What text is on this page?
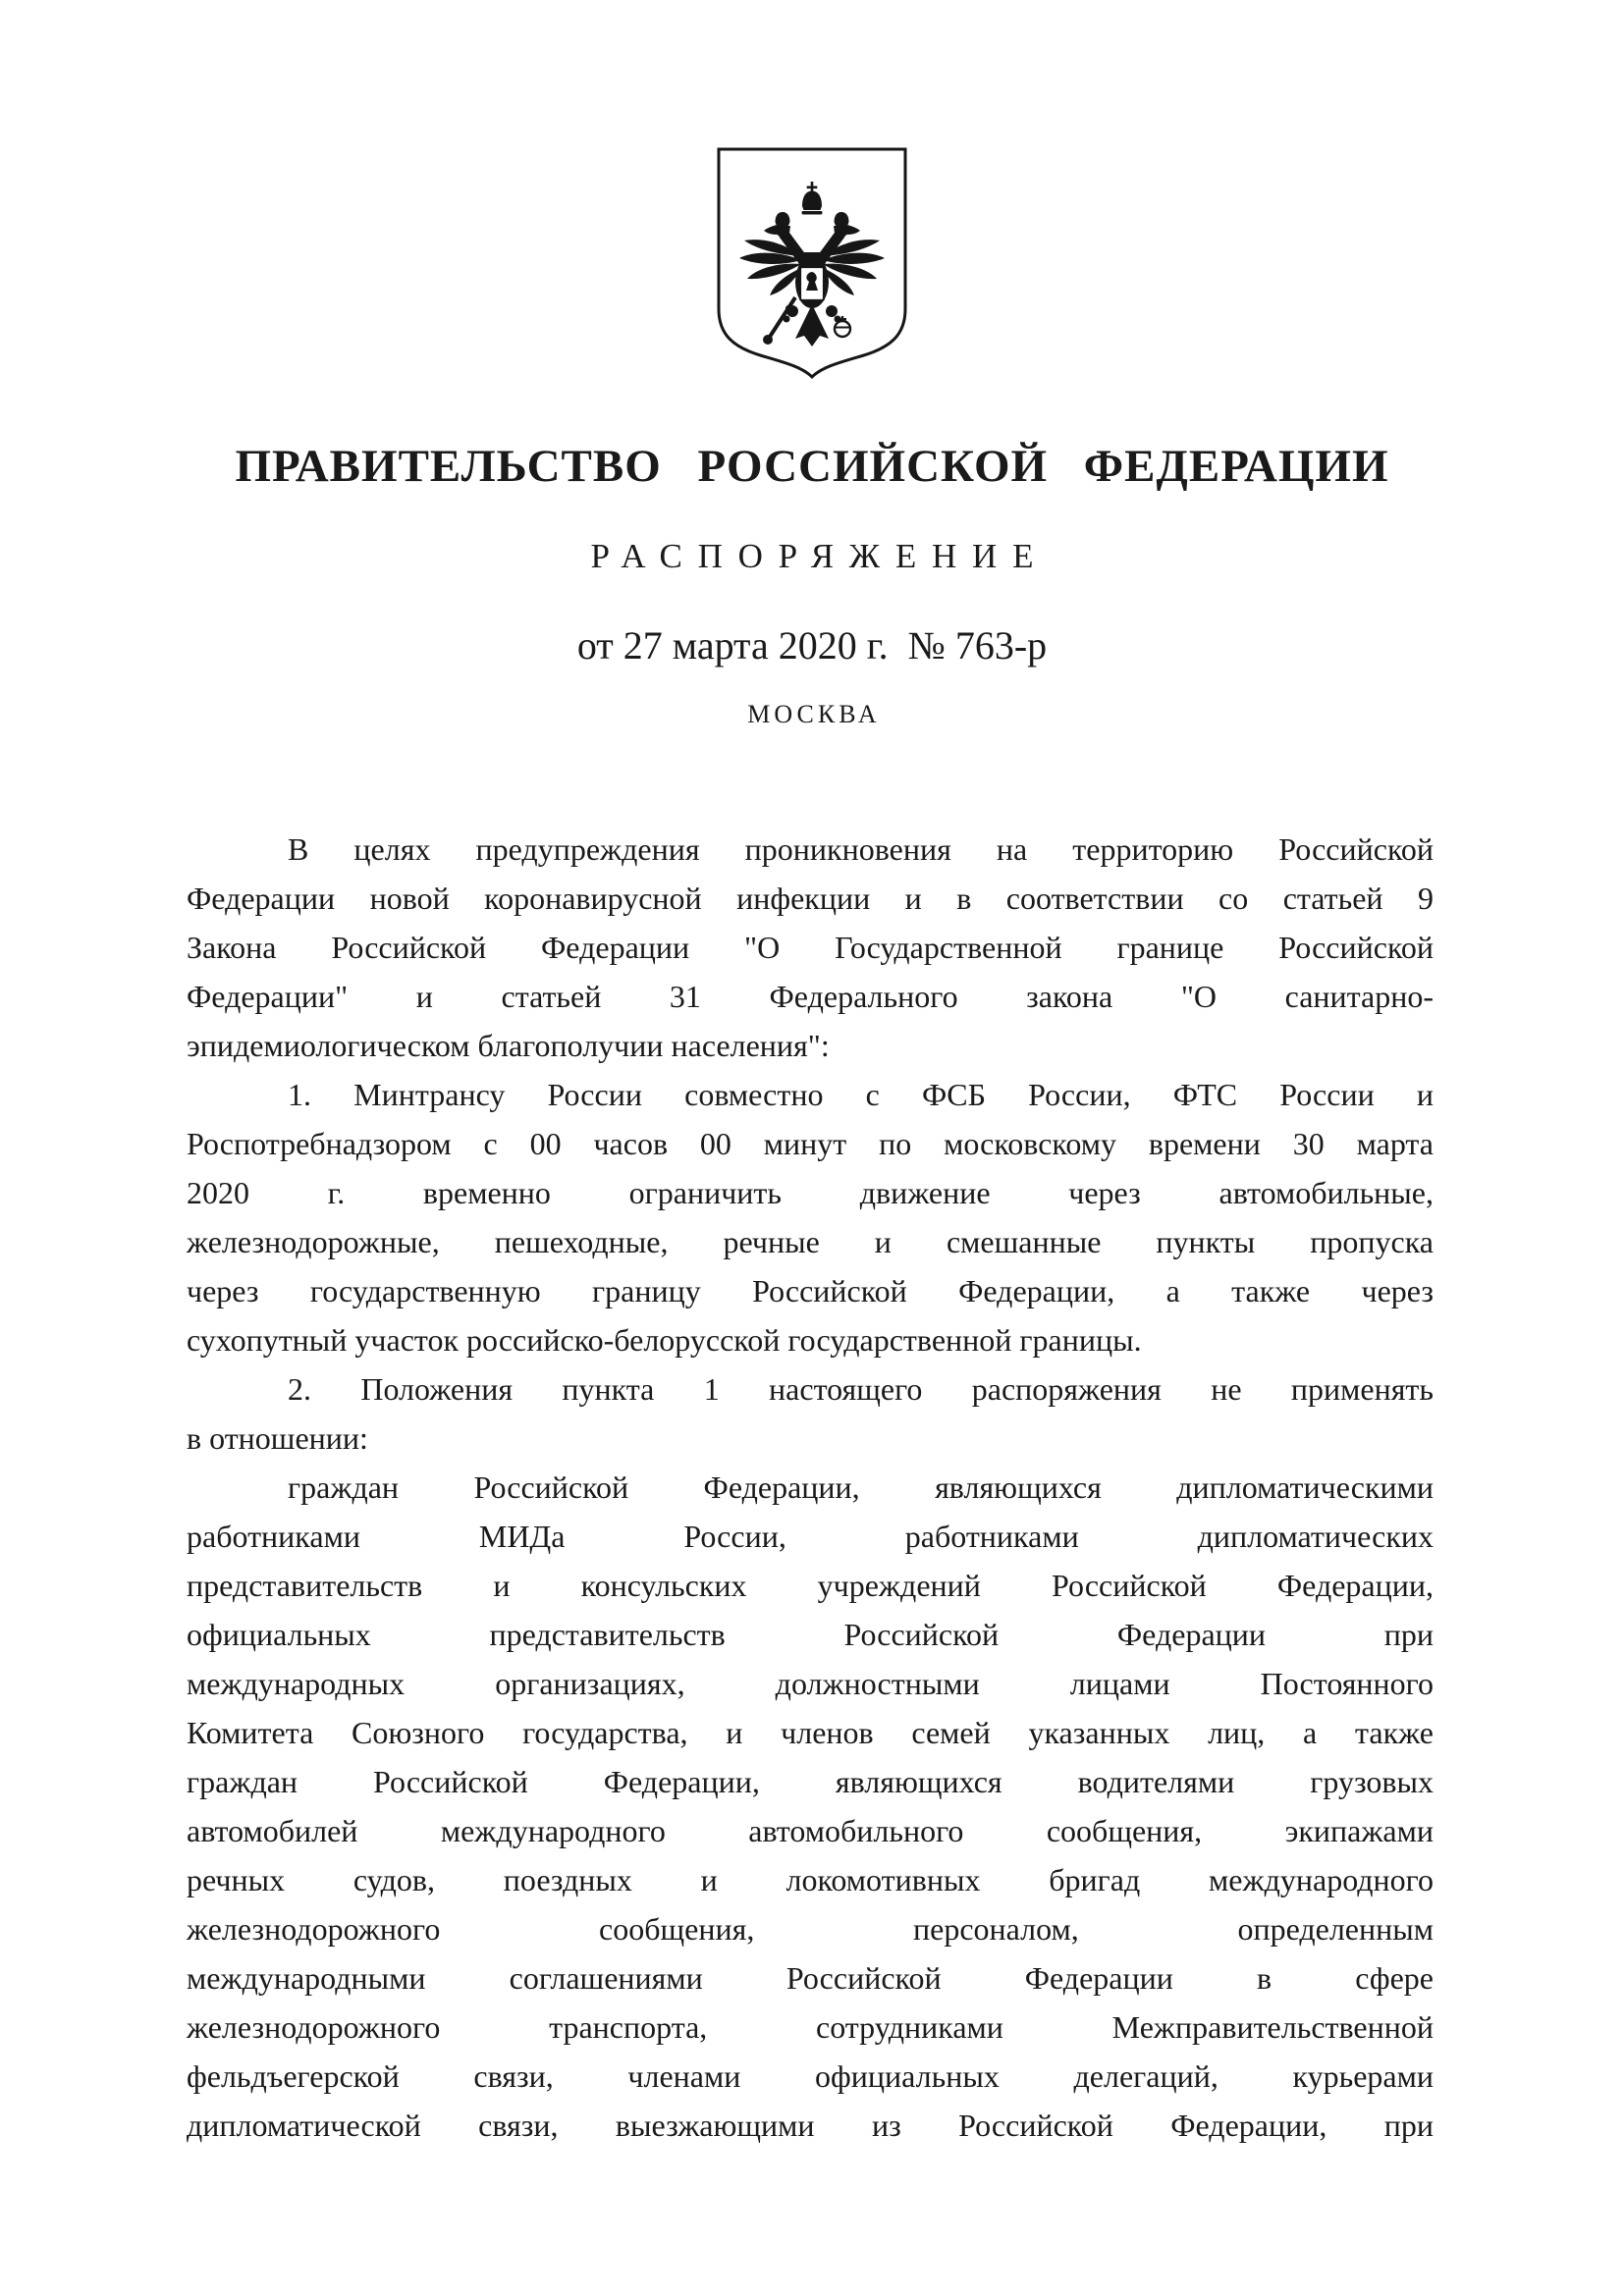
ПРАВИТЕЛЬСТВО РОССИЙСКОЙ ФЕДЕРАЦИИ
РАСПОРЯЖЕНИЕ
от 27 марта 2020 г.  № 763-р
МОСКВА
В целях предупреждения проникновения на территорию Российской
Федерации новой коронавирусной инфекции и в соответствии со статьей 9
Закона Российской Федерации "О Государственной границе Российской
Федерации" и статьей 31 Федерального закона "О санитарно-
эпидемиологическом благополучии населения":
1. Минтрансу России совместно с ФСБ России, ФТС России и
Роспотребнадзором с 00 часов 00 минут по московскому времени 30 марта
2020 г. временно ограничить движение через автомобильные,
железнодорожные, пешеходные, речные и смешанные пункты пропуска
через государственную границу Российской Федерации, а также через
сухопутный участок российско-белорусской государственной границы.
2. Положения пункта 1 настоящего распоряжения не применять
в отношении:
граждан Российской Федерации, являющихся дипломатическими
работниками МИДа России, работниками дипломатических
представительств и консульских учреждений Российской Федерации,
официальных представительств Российской Федерации при
международных организациях, должностными лицами Постоянного
Комитета Союзного государства, и членов семей указанных лиц, а также
граждан Российской Федерации, являющихся водителями грузовых
автомобилей международного автомобильного сообщения, экипажами
речных судов, поездных и локомотивных бригад международного
железнодорожного сообщения, персоналом, определенным
международными соглашениями Российской Федерации в сфере
железнодорожного транспорта, сотрудниками Межправительственной
фельдъегерской связи, членами официальных делегаций, курьерами
дипломатической связи, выезжающими из Российской Федерации, при
